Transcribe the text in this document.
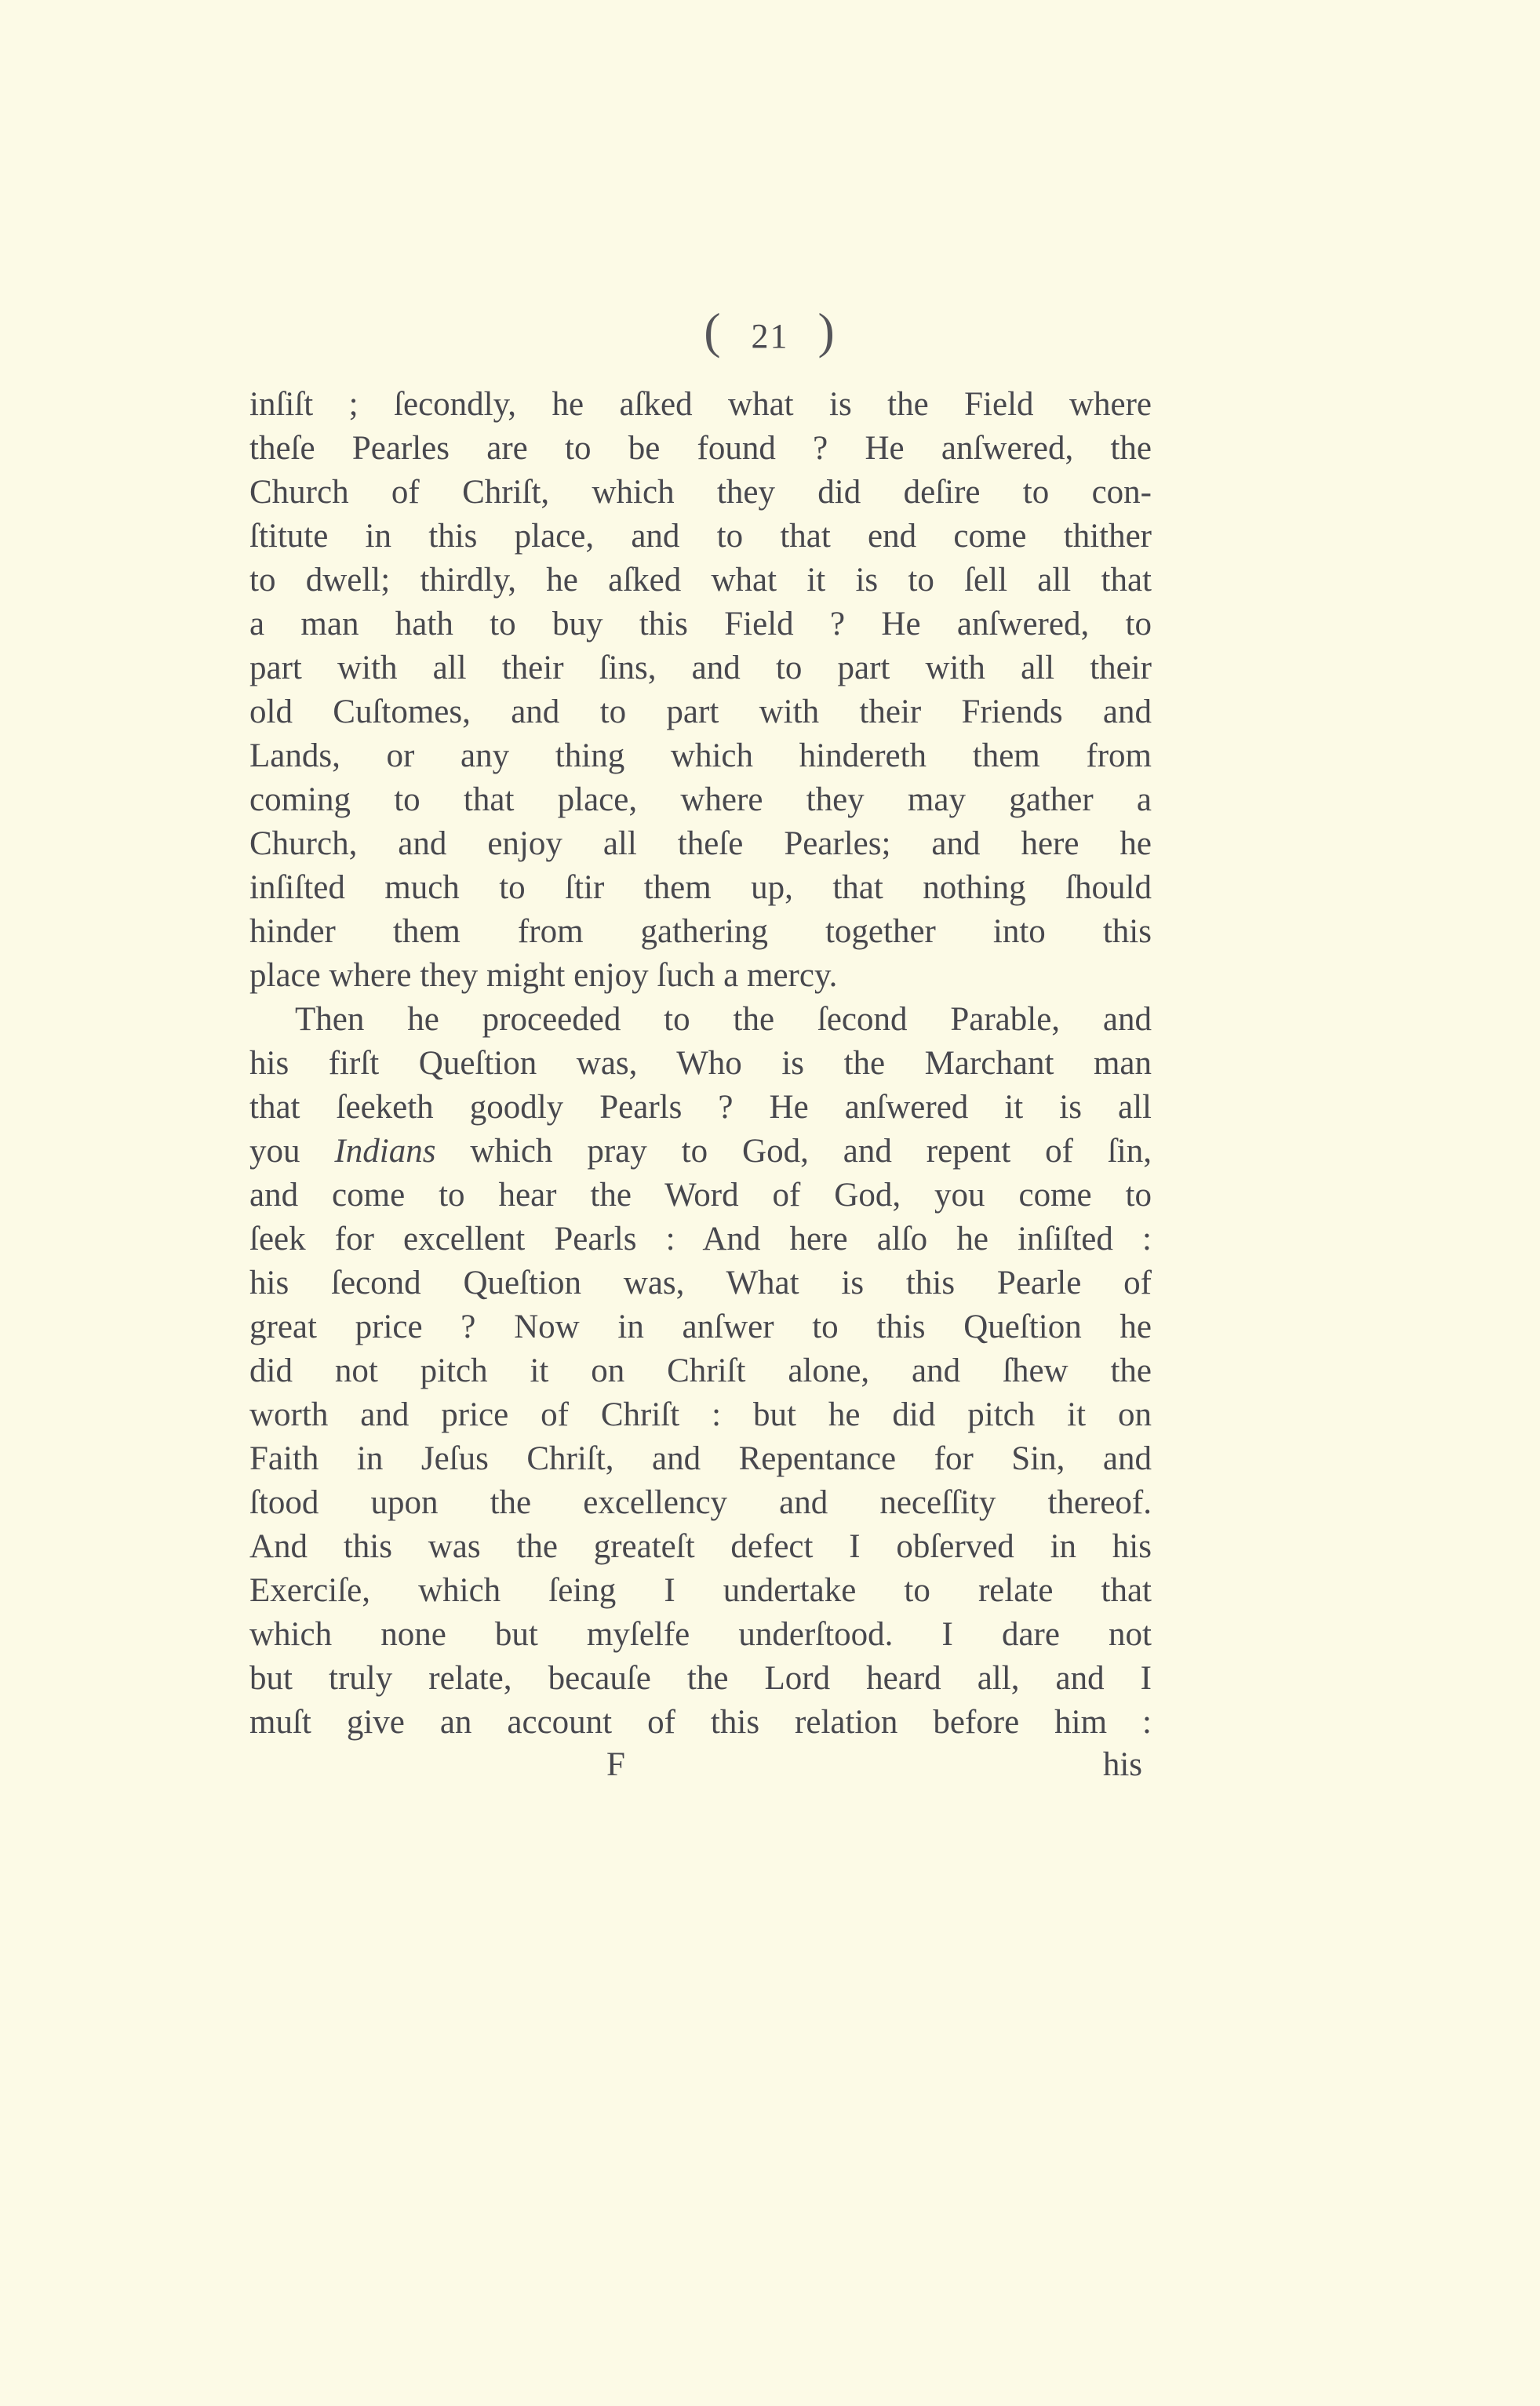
( 21 )
inſiſt ; ſecondly, he aſked what is the Field where
theſe Pearles are to be found ? He anſwered, the
Church of Chriſt, which they did deſire to con-
ſtitute in this place, and to that end come thither
to dwell; thirdly, he aſked what it is to ſell all that
a man hath to buy this Field ? He anſwered, to
part with all their ſins, and to part with all their
old Cuſtomes, and to part with their Friends and
Lands, or any thing which hindereth them from
coming to that place, where they may gather a
Church, and enjoy all theſe Pearles; and here he
inſiſted much to ſtir them up, that nothing ſhould
hinder them from gathering together into this
place where they might enjoy ſuch a mercy.
Then he proceeded to the ſecond Parable, and
his firſt Queſtion was, Who is the Marchant man
that ſeeketh goodly Pearls ? He anſwered it is all
you Indians which pray to God, and repent of ſin,
and come to hear the Word of God, you come to
ſeek for excellent Pearls : And here alſo he inſiſted :
his ſecond Queſtion was, What is this Pearle of
great price ? Now in anſwer to this Queſtion he
did not pitch it on Chriſt alone, and ſhew the
worth and price of Chriſt : but he did pitch it on
Faith in Jeſus Chriſt, and Repentance for Sin, and
ſtood upon the excellency and neceſſity thereof.
And this was the greateſt defect I obſerved in his
Exerciſe, which ſeing I undertake to relate that
which none but myſelfe underſtood. I dare not
but truly relate, becauſe the Lord heard all, and I
muſt give an account of this relation before him :
F	his
